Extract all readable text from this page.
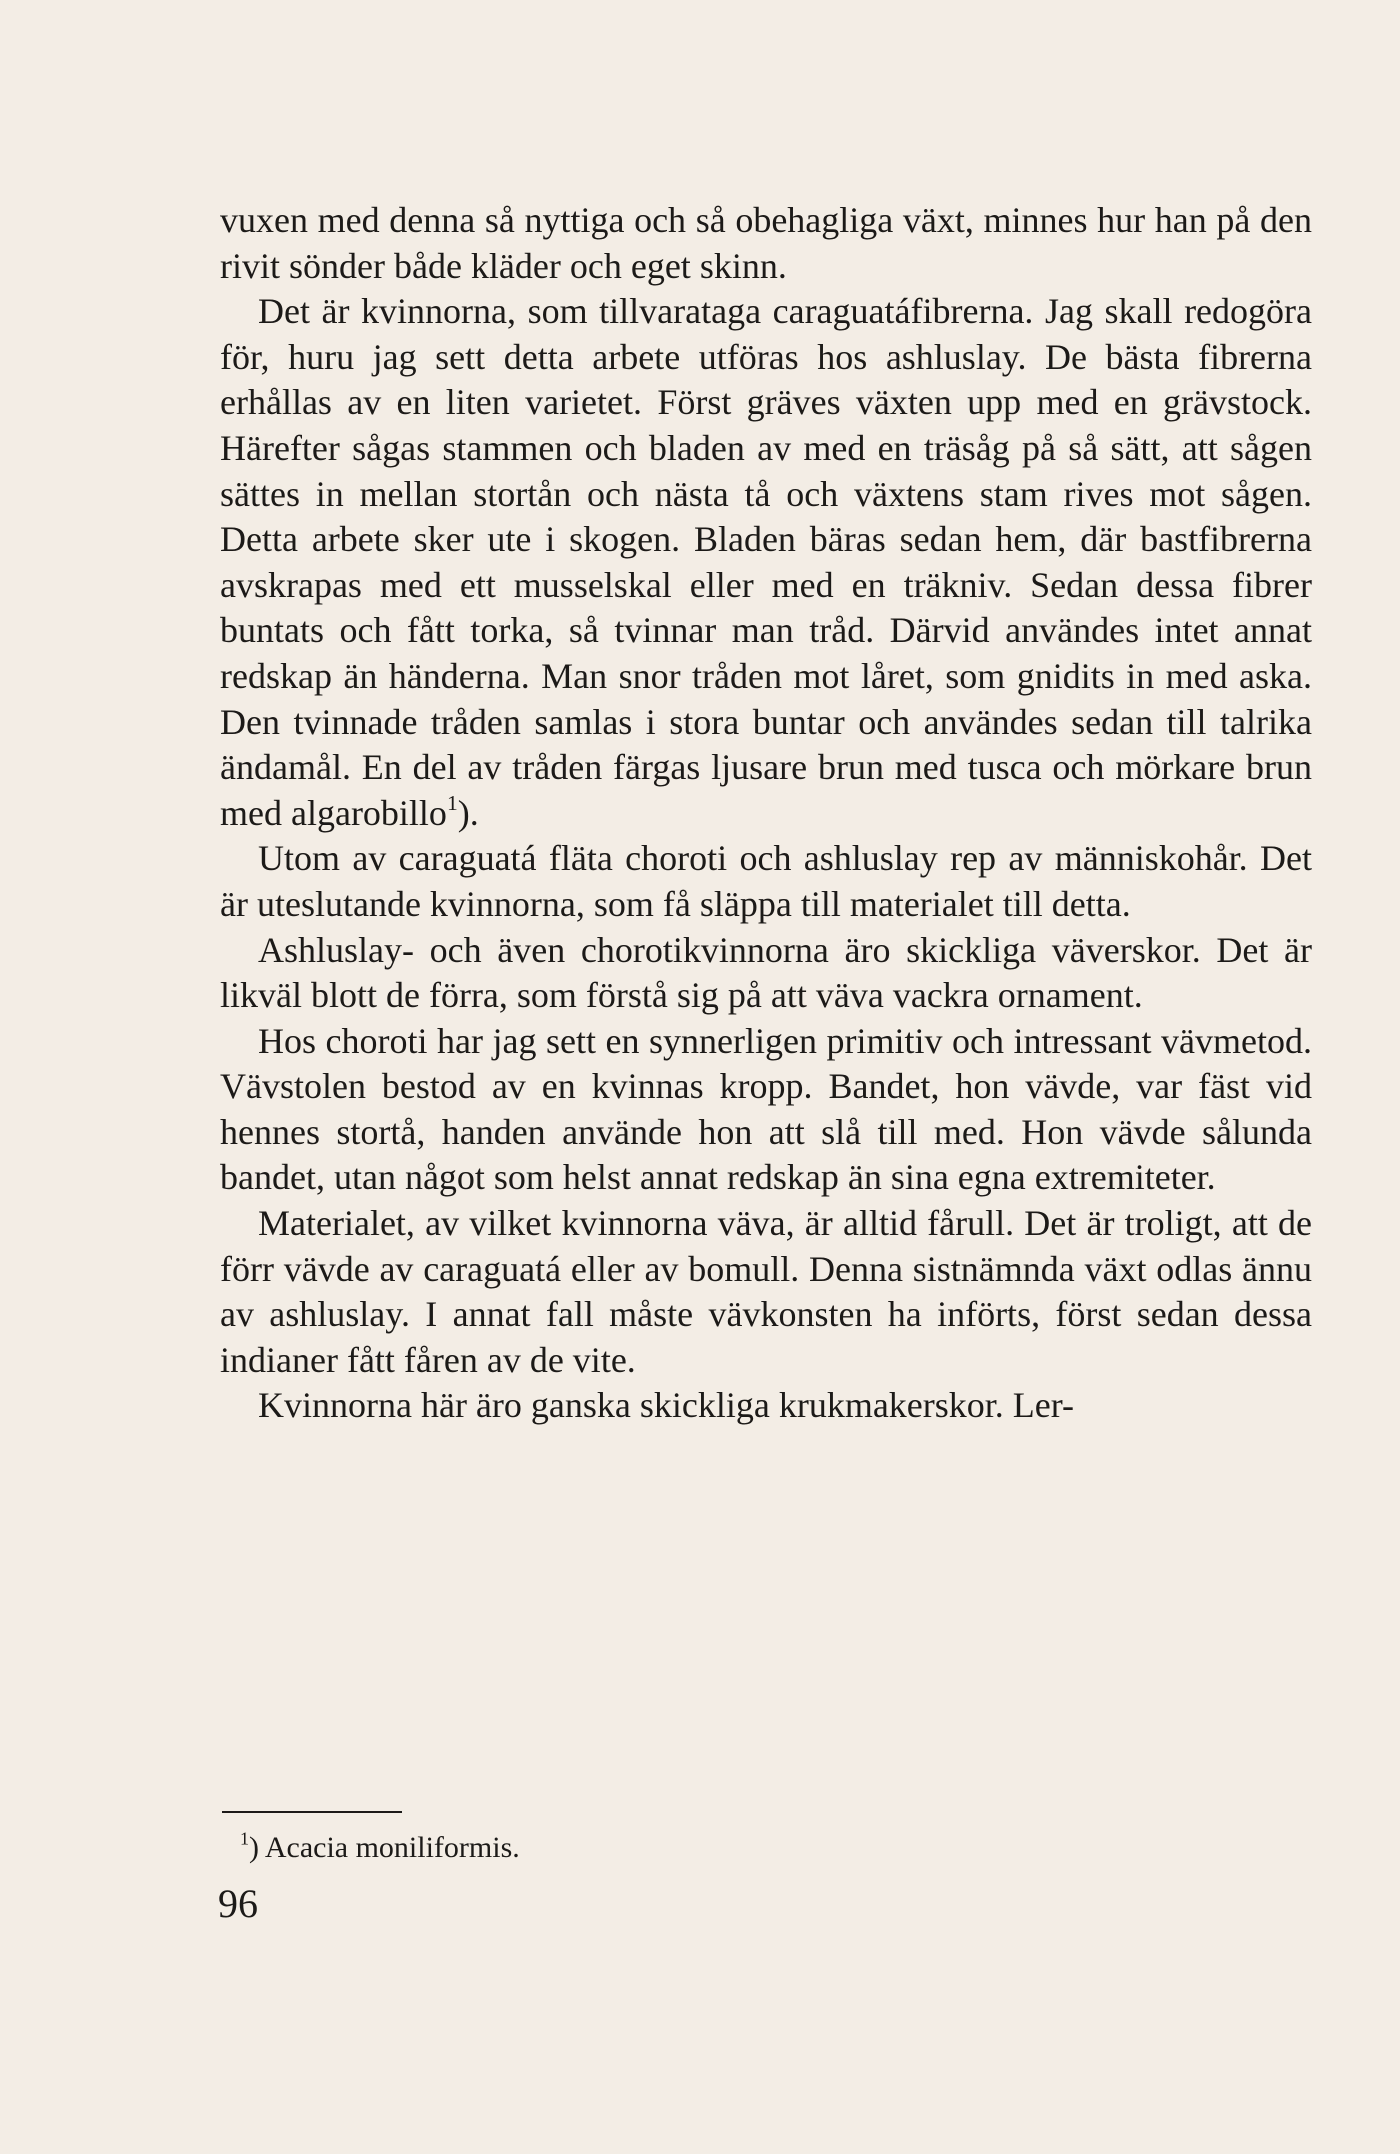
vuxen med denna så nyttiga och så obehagliga växt, minnes hur han på den rivit sönder både kläder och eget skinn.

Det är kvinnorna, som tillvaratagа caraguatáfibrerna. Jag skall redogöra för, huru jag sett detta arbete utföras hos ashluslay. De bästa fibrerna erhållas av en liten varietet. Först gräves växten upp med en grävstock. Härefter sågas stammen och bladen av med en träsåg på så sätt, att sågen sättes in mellan stortån och nästa tå och växtens stam rives mot sågen. Detta arbete sker ute i skogen. Bladen bäras sedan hem, där bastfibrerna avskrapas med ett musselskal eller med en träkniv. Sedan dessa fibrer buntats och fått torka, så tvinnar man tråd. Därvid användes intet annat redskap än händerna. Man snor tråden mot låret, som gnidits in med aska. Den tvinnade tråden samlas i stora buntar och användes sedan till talrika ändamål. En del av tråden färgas ljusare brun med tusca och mörkare brun med algarobillo$^1$).

Utom av caraguatá fläta choroti och ashluslay rep av människohår. Det är uteslutande kvinnorna, som få släppa till materialet till detta.

Ashluslay- och även chorotikvinnorna äro skickliga väverskor. Det är likväl blott de förra, som förstå sig på att väva vackra ornament.

Hos choroti har jag sett en synnerligen primitiv och intressant vävmetod. Vävstolen bestod av en kvinnas kropp. Bandet, hon vävde, var fäst vid hennes stortå, handen använde hon att slå till med. Hon vävde sålunda bandet, utan något som helst annat redskap än sina egna extremiteter.

Materialet, av vilket kvinnorna väva, är alltid fårull. Det är troligt, att de förr vävde av caraguatá eller av bomull. Denna sistnämnda växt odlas ännu av ashluslay. I annat fall måste vävkonsten ha införts, först sedan dessa indianer fått fåren av de vite.

Kvinnorna här äro ganska skickliga krukmakerskor. Ler-

$^1$) Acacia moniliformis.
96
